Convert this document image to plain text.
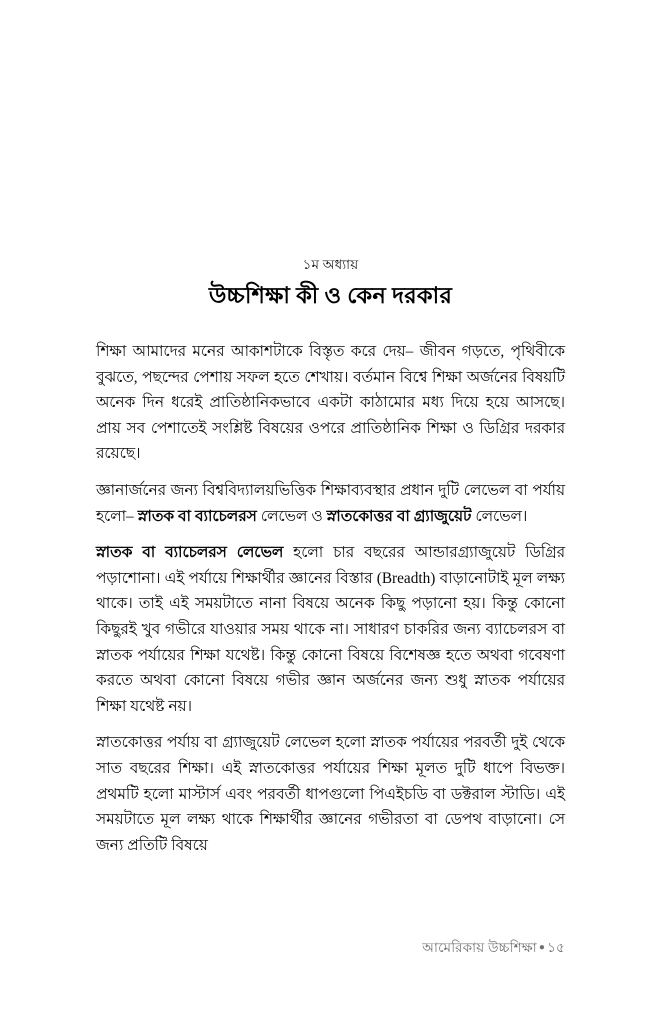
১ম অধ্যায়
উচ্চশিক্ষা কী ও কেন দরকার

শিক্ষা আমাদের মনের আকাশটাকে বিস্তৃত করে দেয়– জীবন গড়তে, পৃথিবীকে বুঝতে, পছন্দের পেশায় সফল হতে শেখায়। বর্তমান বিশ্বে শিক্ষা অর্জনের বিষয়টি অনেক দিন ধরেই প্রাতিষ্ঠানিকভাবে একটা কাঠামোর মধ্য দিয়ে হয়ে আসছে। প্রায় সব পেশাতেই সংশ্লিষ্ট বিষয়ের ওপরে প্রাতিষ্ঠানিক শিক্ষা ও ডিগ্রির দরকার রয়েছে।

জ্ঞানার্জনের জন্য বিশ্ববিদ্যালয়ভিত্তিক শিক্ষাব্যবস্থার প্রধান দুটি লেভেল বা পর্যায় হলো– স্নাতক বা ব্যাচেলরস লেভেল ও স্নাতকোত্তর বা গ্র্যাজুয়েট লেভেল।

স্নাতক বা ব্যাচেলরস লেভেল হলো চার বছরের আন্ডারগ্র্যাজুয়েট ডিগ্রির পড়াশোনা। এই পর্যায়ে শিক্ষার্থীর জ্ঞানের বিস্তার (Breadth) বাড়ানোটাই মূল লক্ষ্য থাকে। তাই এই সময়টাতে নানা বিষয়ে অনেক কিছু পড়ানো হয়। কিন্তু কোনো কিছুরই খুব গভীরে যাওয়ার সময় থাকে না। সাধারণ চাকরির জন্য ব্যাচেলরস বা স্নাতক পর্যায়ের শিক্ষা যথেষ্ট। কিন্তু কোনো বিষয়ে বিশেষজ্ঞ হতে অথবা গবেষণা করতে অথবা কোনো বিষয়ে গভীর জ্ঞান অর্জনের জন্য শুধু স্নাতক পর্যায়ের শিক্ষা যথেষ্ট নয়।

স্নাতকোত্তর পর্যায় বা গ্র্যাজুয়েট লেভেল হলো স্নাতক পর্যায়ের পরবর্তী দুই থেকে সাত বছরের শিক্ষা। এই স্নাতকোত্তর পর্যায়ের শিক্ষা মূলত দুটি ধাপে বিভক্ত। প্রথমটি হলো মাস্টার্স এবং পরবর্তী ধাপগুলো পিএইচডি বা ডক্টরাল স্টাডি। এই সময়টাতে মূল লক্ষ্য থাকে শিক্ষার্থীর জ্ঞানের গভীরতা বা ডেপথ বাড়ানো। সে জন্য প্রতিটি বিষয়ে

আমেরিকায় উচ্চশিক্ষা ● ১৫
